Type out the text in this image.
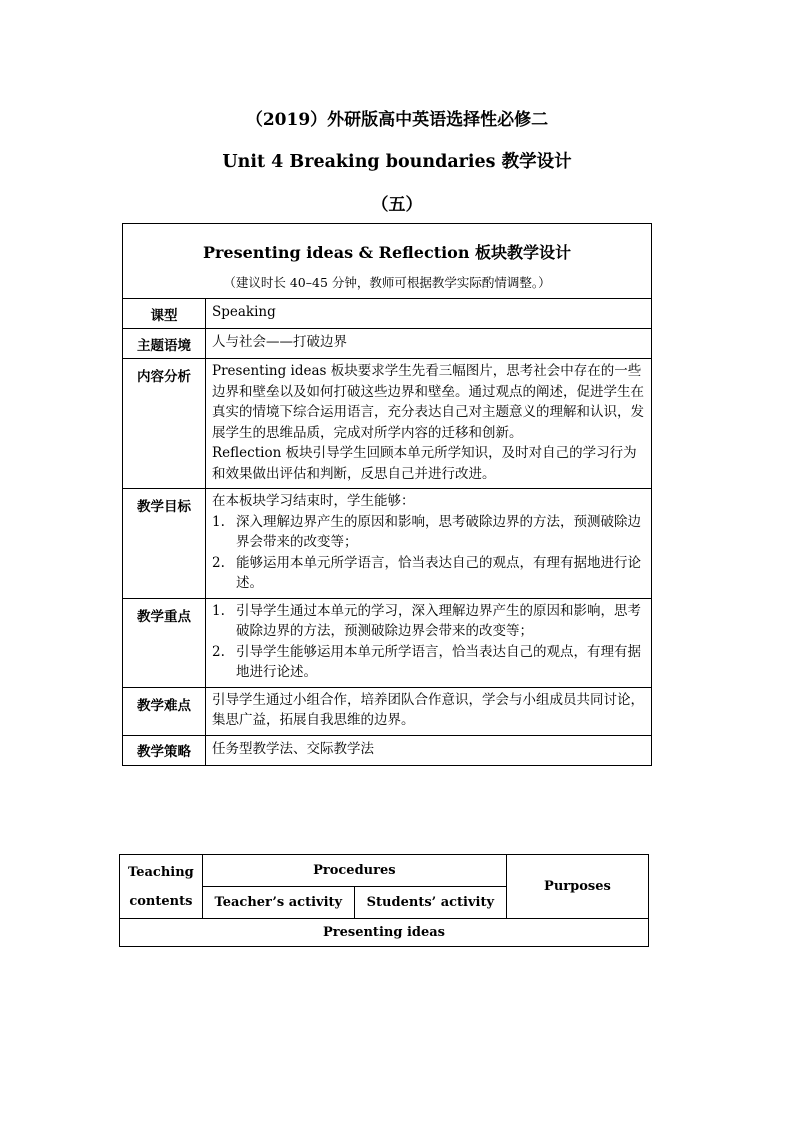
（2019）外研版高中英语选择性必修二
Unit 4 Breaking boundaries 教学设计
（五）
Presenting ideas & Reflection 板块教学设计
（建议时长 40–45 分钟，教师可根据教学实际酌情调整。）	

课型	Speaking
主题语境	人与社会——打破边界
内容分析	Presenting ideas 板块要求学生先看三幅图片，思考社会中存在的一些边界和壁垒以及如何打破这些边界和壁垒。通过观点的阐述，促进学生在真实的情境下综合运用语言，充分表达自己对主题意义的理解和认识，发展学生的思维品质，完成对所学内容的迁移和创新。
Reflection 板块引导学生回顾本单元所学知识，及时对自己的学习行为和效果做出评估和判断，反思自己并进行改进。

教学目标	在本板块学习结束时，学生能够：
1. 深入理解边界产生的原因和影响，思考破除边界的方法，预测破除边界会带来的改变等；
2. 能够运用本单元所学语言，恰当表达自己的观点，有理有据地进行论述。

教学重点	1. 引导学生通过本单元的学习，深入理解边界产生的原因和影响，思考破除边界的方法，预测破除边界会带来的改变等；
2. 引导学生能够运用本单元所学语言，恰当表达自己的观点，有理有据地进行论述。

教学难点	引导学生通过小组合作，培养团队合作意识，学会与小组成员共同讨论，集思广益，拓展自我思维的边界。
教学策略	任务型教学法、交际教学法
Teaching
contents	Procedures		Purposes
	Teacher’s activity	Students’ activity	
Presenting ideas			
